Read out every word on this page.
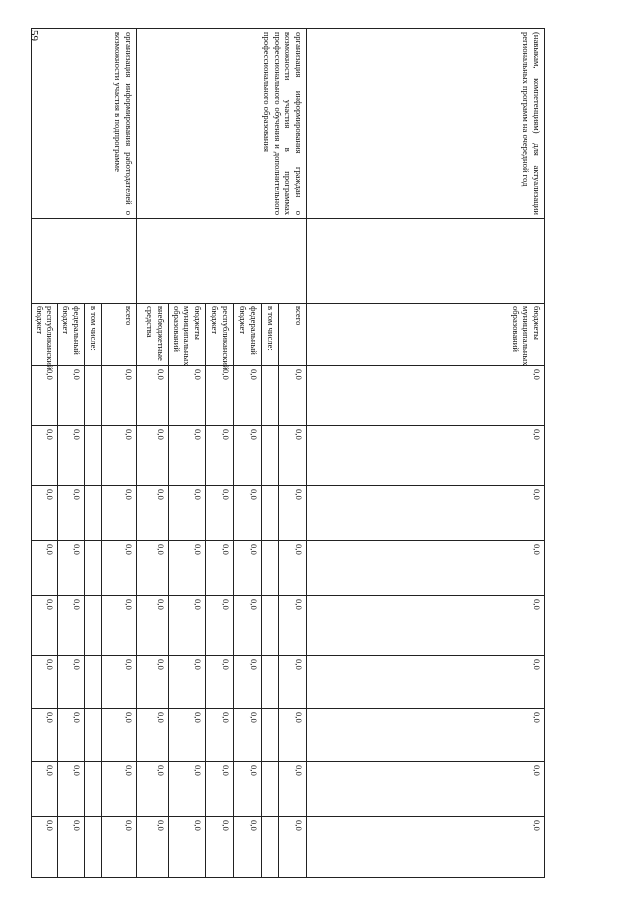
59	(навыкам, компетенциям) для актуализации региональных программ на очередной год		бюджеты муниципальных образований	0,0	0,0	0,0	0,0	0,0	0,0	0,0	0,0	0,0
организация информирования граждан о возможности участия в программах профессионального обучения и дополнительного профессионального образования		всего	0,0	0,0	0,0	0,0	0,0	0,0	0,0	0,0	0,0
		в том числе:									
		федеральный бюджет	0,0	0,0	0,0	0,0	0,0	0,0	0,0	0,0	0,0
		республиканский бюджет	0,0	0,0	0,0	0,0	0,0	0,0	0,0	0,0	0,0
		бюджеты муниципальных образований	0,0	0,0	0,0	0,0	0,0	0,0	0,0	0,0	0,0
		внебюджетные средства	0,0	0,0	0,0	0,0	0,0	0,0	0,0	0,0	0,0
организация информирования работодателей о возможности участия в подпрограмме		всего	0,0	0,0	0,0	0,0	0,0	0,0	0,0	0,0	0,0
		в том числе:									
		федеральный бюджет	0,0	0,0	0,0	0,0	0,0	0,0	0,0	0,0	0,0
		республиканский бюджет	0,0	0,0	0,0	0,0	0,0	0,0	0,0	0,0	0,0
